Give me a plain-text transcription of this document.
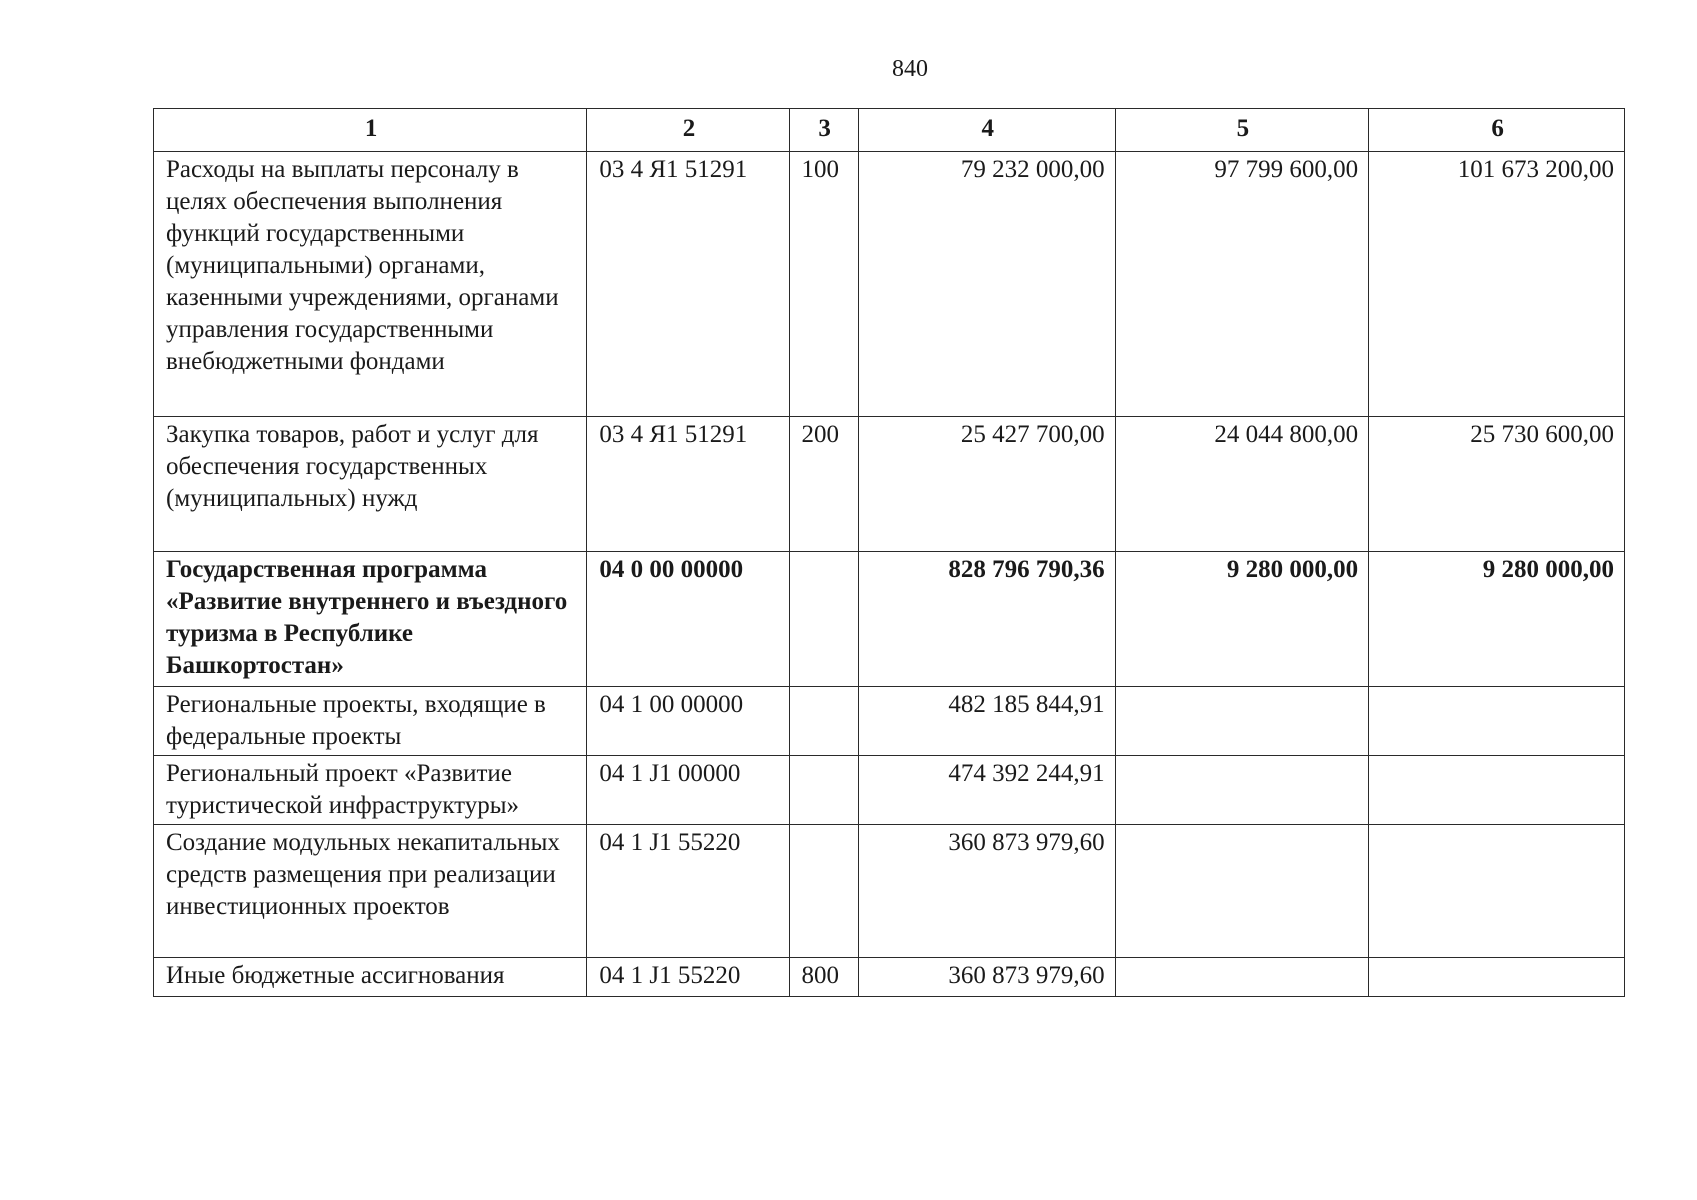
840
1	2	3	4	5	6
Расходы на выплаты персоналу в целях обеспечения выполнения функций государственными (муниципальными) органами, казенными учреждениями, органами управления государственными внебюджетными фондами	03 4 Я1 51291	100	79 232 000,00	97 799 600,00	101 673 200,00
Закупка товаров, работ и услуг для обеспечения государственных (муниципальных) нужд	03 4 Я1 51291	200	25 427 700,00	24 044 800,00	25 730 600,00
Государственная программа «Развитие внутреннего и въездного туризма в Республике Башкортостан»	04 0 00 00000		828 796 790,36	9 280 000,00	9 280 000,00
Региональные проекты, входящие в федеральные проекты	04 1 00 00000		482 185 844,91		
Региональный проект «Развитие туристической инфраструктуры»	04 1 J1 00000		474 392 244,91		
Создание модульных некапитальных средств размещения при реализации инвестиционных проектов	04 1 J1 55220		360 873 979,60		
Иные бюджетные ассигнования	04 1 J1 55220	800	360 873 979,60		
